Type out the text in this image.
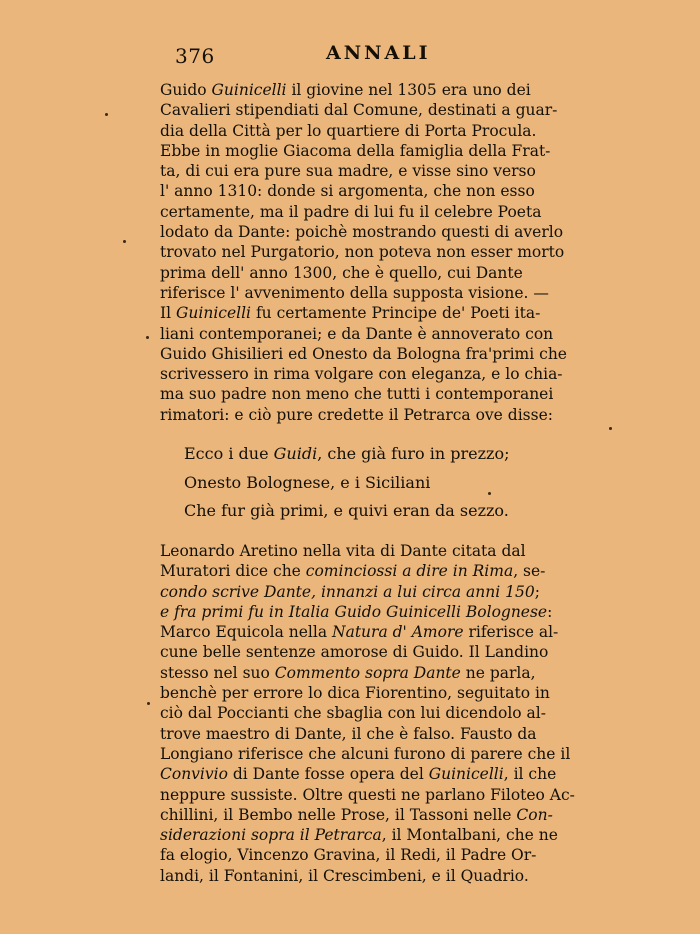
376	ANNALI
Guido Guinicelli il giovine nel 1305 era uno dei
Cavalieri stipendiati dal Comune, destinati a guar-
dia della Città per lo quartiere di Porta Procula.
Ebbe in moglie Giacoma della famiglia della Frat-
ta, di cui era pure sua madre, e visse sino verso
l' anno 1310: donde si argomenta, che non esso
certamente, ma il padre di lui fu il celebre Poeta
lodato da Dante: poichè mostrando questi di averlo
trovato nel Purgatorio, non poteva non esser morto
prima dell' anno 1300, che è quello, cui Dante
riferisce l' avvenimento della supposta visione. —
Il Guinicelli fu certamente Principe de' Poeti ita-
liani contemporanei; e da Dante è annoverato con
Guido Ghisilieri ed Onesto da Bologna fra'primi che
scrivessero in rima volgare con eleganza, e lo chia-
ma suo padre non meno che tutti i contemporanei
rimatori: e ciò pure credette il Petrarca ove disse:
Ecco i due Guidi, che già furo in prezzo;
Onesto Bolognese, e i Siciliani
Che fur già primi, e quivi eran da sezzo.
Leonardo Aretino nella vita di Dante citata dal
Muratori dice che cominciossi a dire in Rima, se-
condo scrive Dante, innanzi a lui circa anni 150;
e fra primi fu in Italia Guido Guinicelli Bolognese:
Marco Equicola nella Natura d' Amore riferisce al-
cune belle sentenze amorose di Guido. Il Landino
stesso nel suo Commento sopra Dante ne parla,
benchè per errore lo dica Fiorentino, seguitato in
ciò dal Poccianti che sbaglia con lui dicendolo al-
trove maestro di Dante, il che è falso. Fausto da
Longiano riferisce che alcuni furono di parere che il
Convivio di Dante fosse opera del Guinicelli, il che
neppure sussiste. Oltre questi ne parlano Filoteo Ac-
chillini, il Bembo nelle Prose, il Tassoni nelle Con-
siderazioni sopra il Petrarca, il Montalbani, che ne
fa elogio, Vincenzo Gravina, il Redi, il Padre Or-
landi, il Fontanini, il Crescimbeni, e il Quadrio.
